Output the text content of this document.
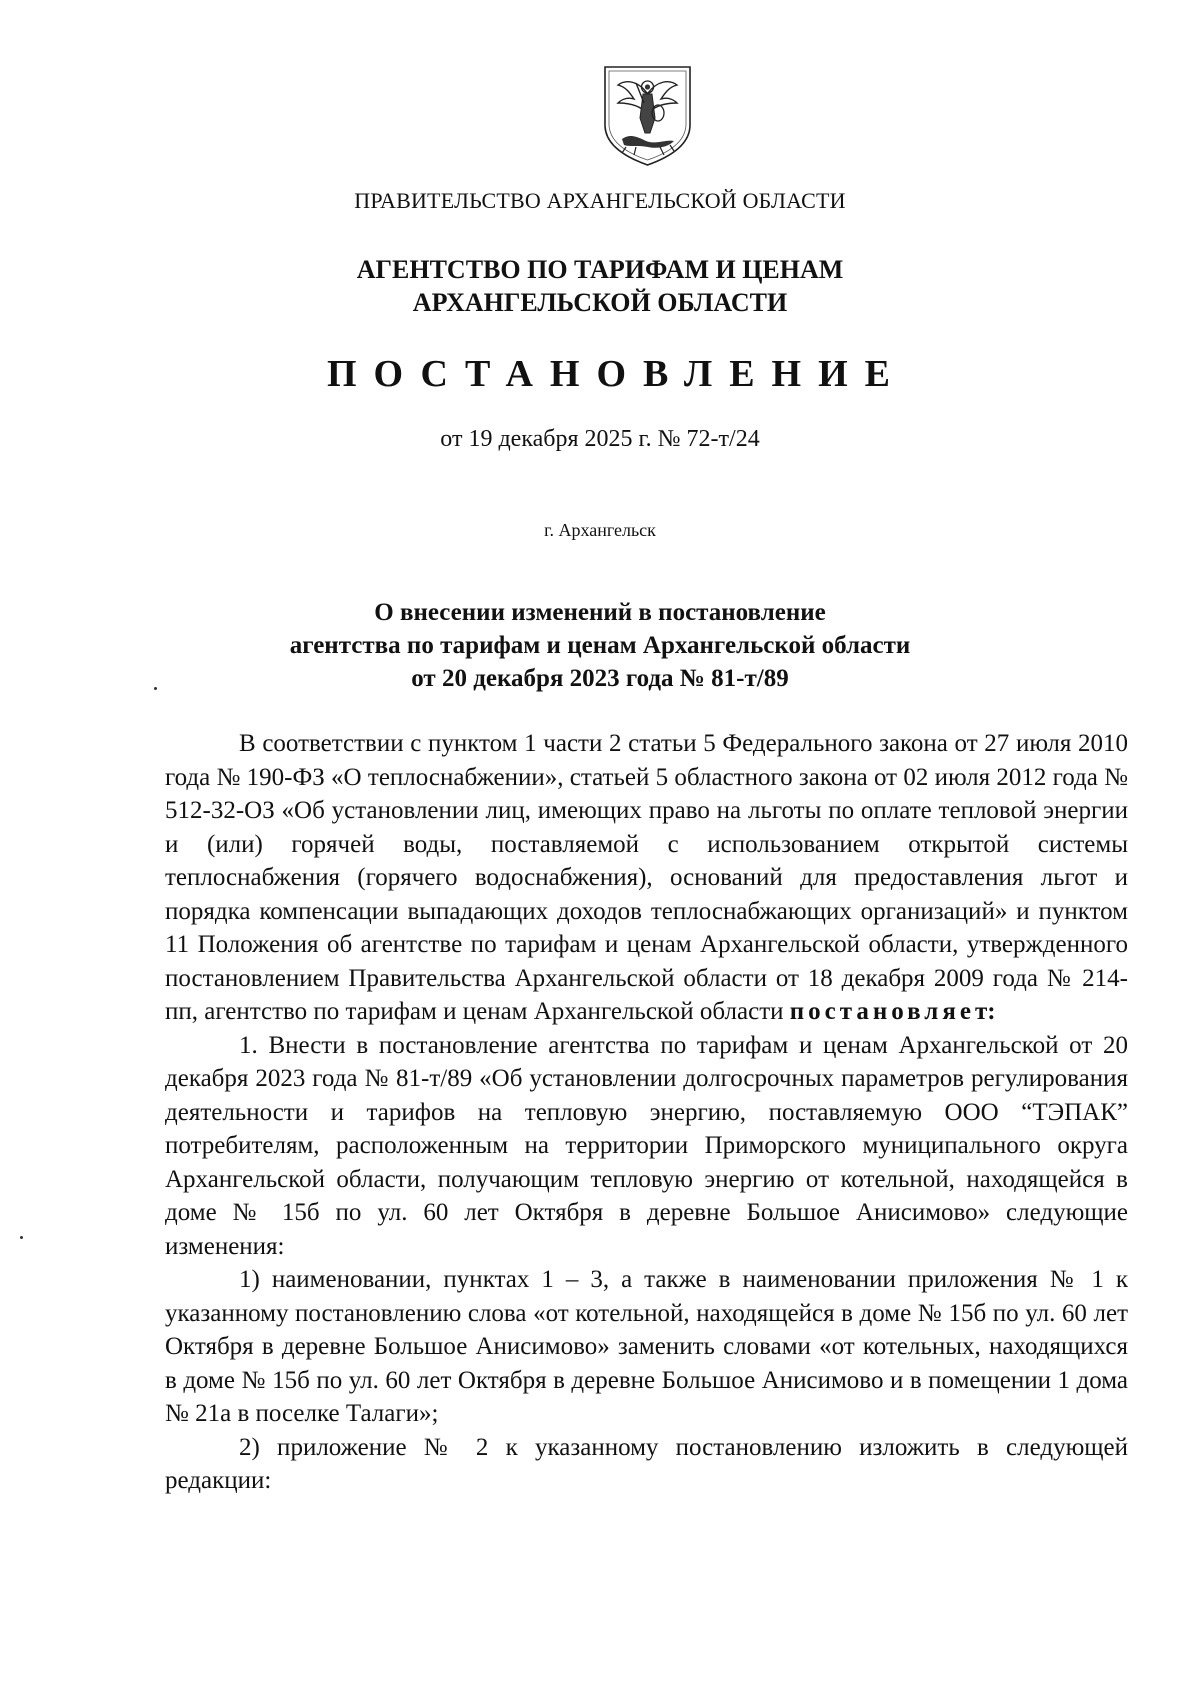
ПРАВИТЕЛЬСТВО АРХАНГЕЛЬСКОЙ ОБЛАСТИ
АГЕНТСТВО ПО ТАРИФАМ И ЦЕНАМ
АРХАНГЕЛЬСКОЙ ОБЛАСТИ
ПОСТАНОВЛЕНИЕ
от 19 декабря 2025 г. № 72-т/24
г. Архангельск
О внесении изменений в постановление
агентства по тарифам и ценам Архангельской области
от 20 декабря 2023 года № 81-т/89

В соответствии с пунктом 1 части 2 статьи 5 Федерального закона от 27 июля 2010 года № 190-ФЗ «О теплоснабжении», статьей 5 областного закона от 02 июля 2012 года № 512-32-ОЗ «Об установлении лиц, имеющих право на льготы по оплате тепловой энергии и (или) горячей воды, поставляемой с использованием открытой системы теплоснабжения (горячего водоснабжения), оснований для предоставления льгот и порядка компенсации выпадающих доходов теплоснабжающих организаций» и пунктом 11 Положения об агентстве по тарифам и ценам Архангельской области, утвержденного постановлением Правительства Архангельской области от 18 декабря 2009 года № 214-пп, агентство по тарифам и ценам Архангельской области постановляет:

1. Внести в постановление агентства по тарифам и ценам Архангельской от 20 декабря 2023 года № 81-т/89 «Об установлении долгосрочных параметров регулирования деятельности и тарифов на тепловую энергию, поставляемую ООО “ТЭПАК” потребителям, расположенным на территории Приморского муниципального округа Архангельской области, получающим тепловую энергию от котельной, находящейся в доме № 15б по ул. 60 лет Октября в деревне Большое Анисимово» следующие изменения:

1) наименовании, пунктах 1 – 3, а также в наименовании приложения № 1 к указанному постановлению слова «от котельной, находящейся в доме № 15б по ул. 60 лет Октября в деревне Большое Анисимово» заменить словами «от котельных, находящихся в доме № 15б по ул. 60 лет Октября в деревне Большое Анисимово и в помещении 1 дома № 21а в поселке Талаги»;

2) приложение № 2 к указанному постановлению изложить в следующей редакции:
